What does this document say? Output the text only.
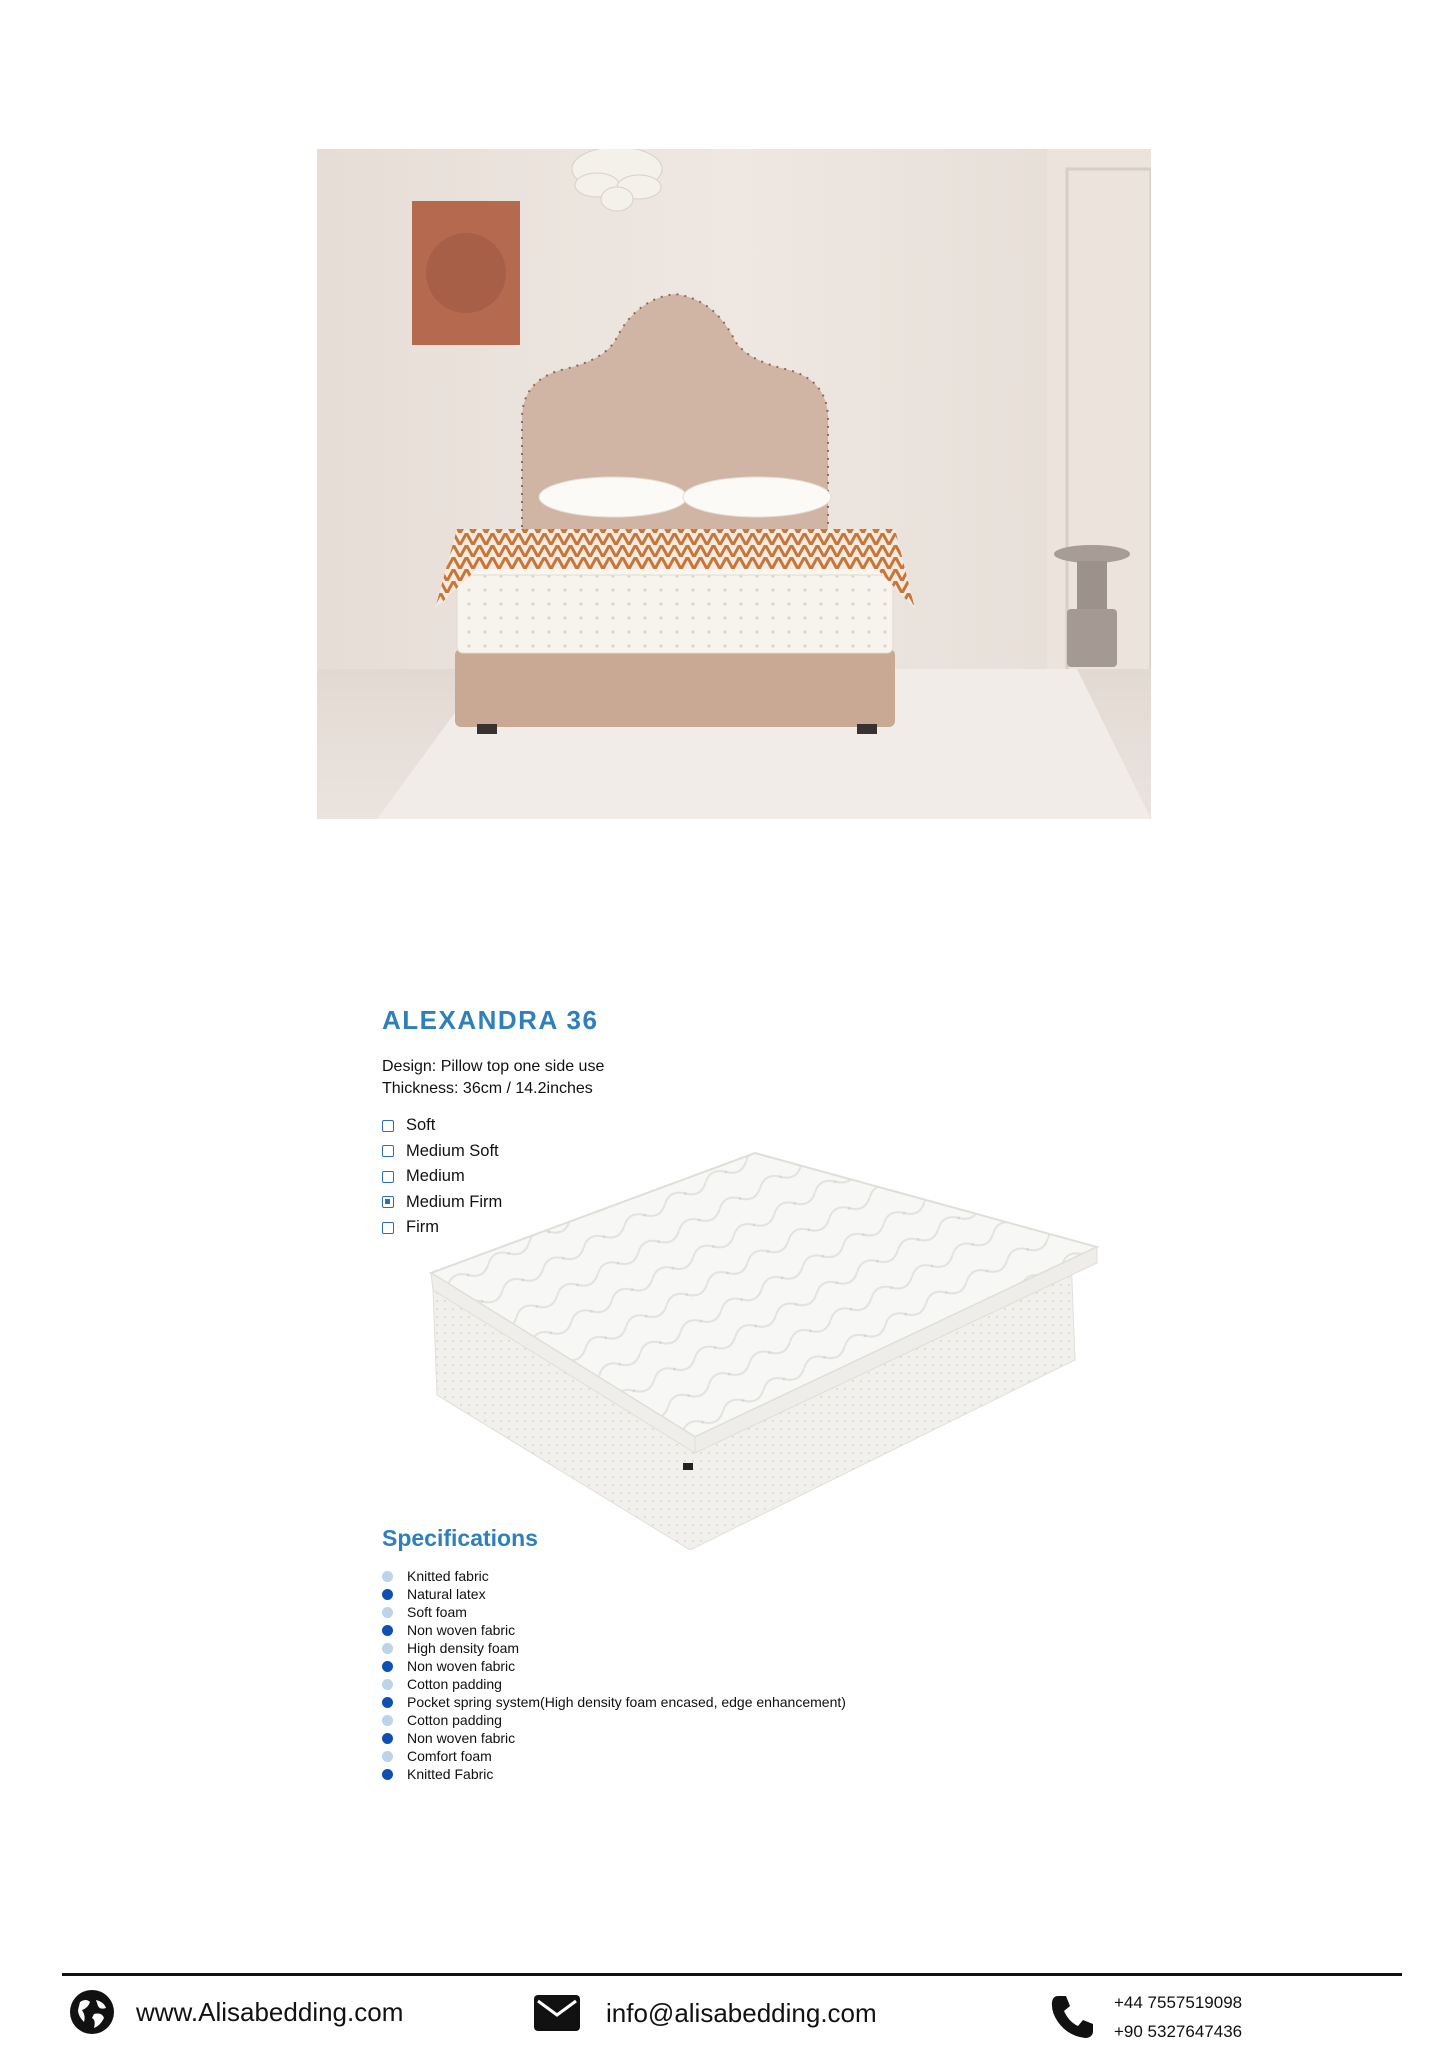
ALEXANDRA 36
Design: Pillow top one side use
Thickness: 36cm / 14.2inches
Soft
Medium Soft
Medium
Medium Firm
Firm
Specifications
Knitted fabric
Natural latex
Soft foam
Non woven fabric
High density foam
Non woven fabric
Cotton padding
Pocket spring system(High density foam encased, edge enhancement)
Cotton padding
Non woven fabric
Comfort foam
Knitted Fabric
www.Alisabedding.com	info@alisabedding.com	+44 7557519098
+90 5327647436
